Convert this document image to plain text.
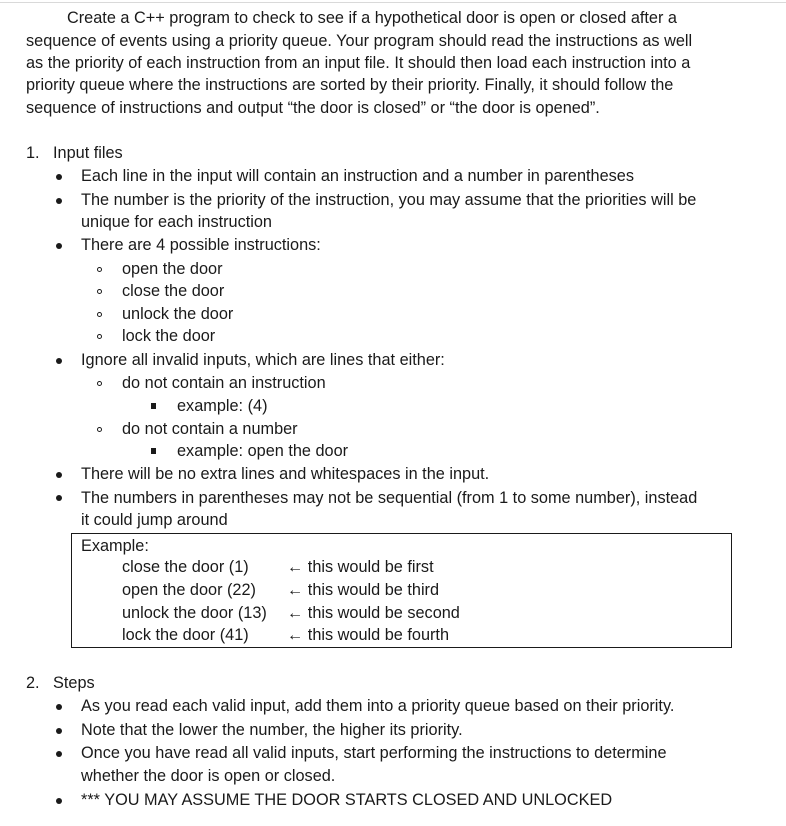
Create a C++ program to check to see if a hypothetical door is open or closed after a
sequence of events using a priority queue. Your program should read the instructions as well
as the priority of each instruction from an input file. It should then load each instruction into a
priority queue where the instructions are sorted by their priority. Finally, it should follow the
sequence of instructions and output “the door is closed” or “the door is opened”.
1. Input files
Each line in the input will contain an instruction and a number in parentheses
The number is the priority of the instruction, you may assume that the priorities will be
unique for each instruction
There are 4 possible instructions:
open the door
close the door
unlock the door
lock the door
Ignore all invalid inputs, which are lines that either:
do not contain an instruction
example: (4)
do not contain a number
example: open the door
There will be no extra lines and whitespaces in the input.
The numbers in parentheses may not be sequential (from 1 to some number), instead
it could jump around
Example:
close the door (1) ← this would be first
open the door (22) ← this would be third
unlock the door (13) ← this would be second
lock the door (41) ← this would be fourth
2. Steps
As you read each valid input, add them into a priority queue based on their priority.
Note that the lower the number, the higher its priority.
Once you have read all valid inputs, start performing the instructions to determine
whether the door is open or closed.
*** YOU MAY ASSUME THE DOOR STARTS CLOSED AND UNLOCKED
